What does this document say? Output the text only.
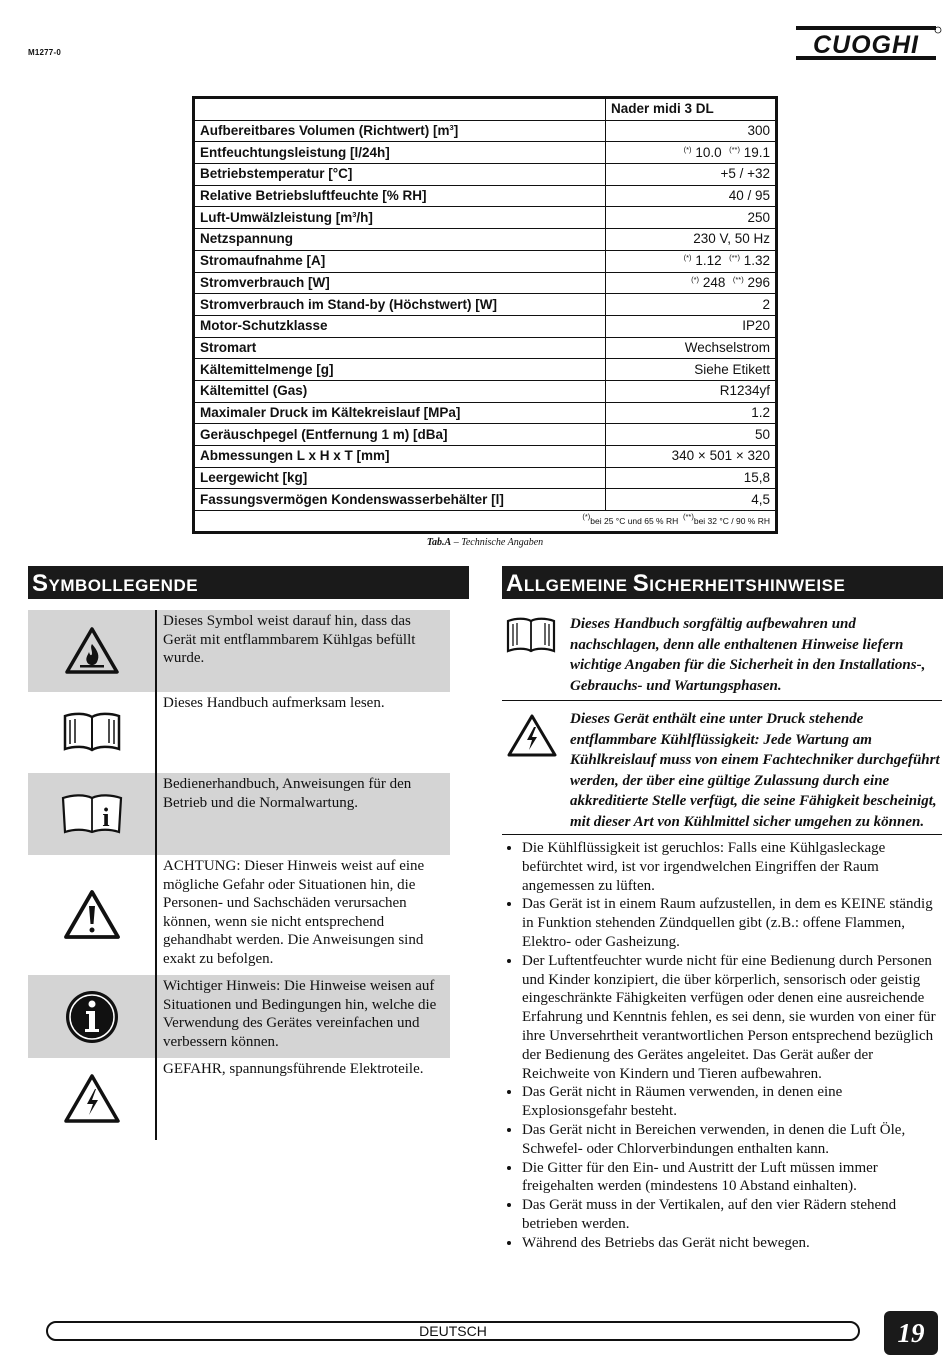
M1277-0	CUOGHI
	Nader midi 3 DL
Aufbereitbares Volumen (Richtwert) $[m^3]$	300
Entfeuchtungsleistung [l/24h]	(*) 10.0 (**) 19.1
Betriebstemperatur [°C]	+5 / +32
Relative Betriebsluftfeuchte [% RH]	40 / 95
Luft-Umwälzleistung $[m^3/h]$	250
Netzspannung	230 V, 50 Hz
Stromaufnahme [A]	(*) 1.12 (**) 1.32
Stromverbrauch [W]	(*) 248 (**) 296
Stromverbrauch im Stand-by (Höchstwert) [W]	2
Motor-Schutzklasse	IP20
Stromart	Wechselstrom
Kältemittelmenge [g]	Siehe Etikett
Kältemittel (Gas)	R1234yf
Maximaler Druck im Kältekreislauf [MPa]	1.2
Geräuschpegel (Entfernung 1 m) [dBa]	50
Abmessungen L x H x T [mm]	340 × 501 × 320
Leergewicht [kg]	15,8
Fassungsvermögen Kondenswasserbehälter [l]	4,5
(*)bei 25 °C und 65 % RH (**)bei 32 °C / 90 % RH	
Tab.A – Technische Angaben
SYMBOLLEGENDE	ALLGEMEINE SICHERHEITSHINWEISE
Dieses Symbol weist darauf hin, dass das Gerät mit entflammbarem Kühlgas befüllt wurde.
Dieses Handbuch aufmerksam lesen.
i
Bedienerhandbuch, Anweisungen für den Betrieb und die Normalwartung.
ACHTUNG: Dieser Hinweis weist auf eine mögliche Gefahr oder Situationen hin, die Personen- und Sachschäden verursachen können, wenn sie nicht entsprechend gehandhabt werden. Die Anweisungen sind exakt zu befolgen.
Wichtiger Hinweis: Die Hinweise weisen auf Situationen und Bedingungen hin, welche die Verwendung des Gerätes vereinfachen und verbessern können.
GEFAHR, spannungsführende Elektroteile.
Dieses Handbuch sorgfältig aufbewahren und nachschlagen, denn alle enthaltenen Hinweise liefern wichtige Angaben für die Sicherheit in den Installations-, Gebrauchs- und Wartungsphasen.
Dieses Gerät enthält eine unter Druck stehende entflammbare Kühlflüssigkeit: Jede Wartung am Kühlkreislauf muss von einem Fachtechniker durchgeführt werden, der über eine gültige Zulassung durch eine akkreditierte Stelle verfügt, die seine Fähigkeit bescheinigt, mit dieser Art von Kühlmittel sicher umgehen zu können.
• Die Kühlflüssigkeit ist geruchlos: Falls eine Kühlgasleckage befürchtet wird, ist vor irgendwelchen Eingriffen der Raum angemessen zu lüften.
• Das Gerät ist in einem Raum aufzustellen, in dem es KEINE ständig in Funktion stehenden Zündquellen gibt (z.B.: offene Flammen, Elektro- oder Gasheizung.
• Der Luftentfeuchter wurde nicht für eine Bedienung durch Personen und Kinder konzipiert, die über körperlich, sensorisch oder geistig eingeschränkte Fähigkeiten verfügen oder denen eine ausreichende Erfahrung und Kenntnis fehlen, es sei denn, sie wurden von einer für ihre Unversehrtheit verantwortlichen Person entsprechend bezüglich der Bedienung des Gerätes angeleitet. Das Gerät außer der Reichweite von Kindern und Tieren aufbewahren.
• Das Gerät nicht in Räumen verwenden, in denen eine Explosionsgefahr besteht.
• Das Gerät nicht in Bereichen verwenden, in denen die Luft Öle, Schwefel- oder Chlorverbindungen enthalten kann.
• Die Gitter für den Ein- und Austritt der Luft müssen immer freigehalten werden (mindestens 10 Abstand einhalten).
• Das Gerät muss in der Vertikalen, auf den vier Rädern stehend betrieben werden.
• Während des Betriebs das Gerät nicht bewegen.
DEUTSCH	19
